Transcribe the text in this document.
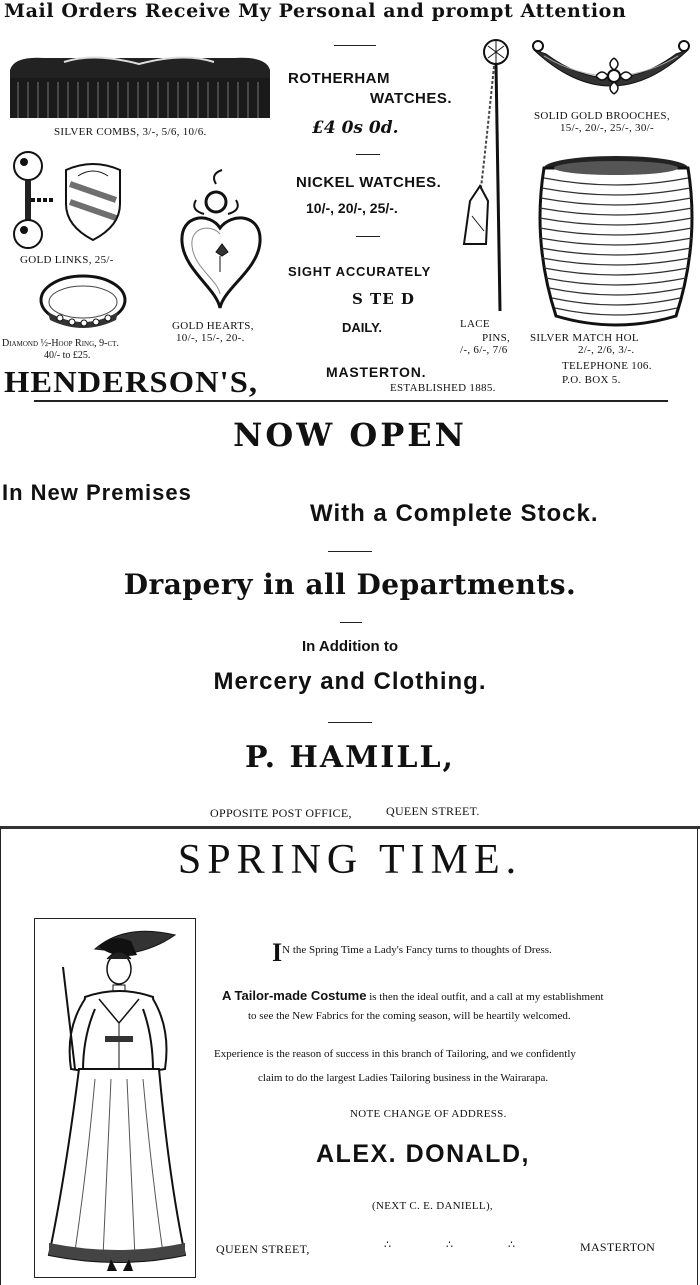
Mail Orders Receive My Personal and prompt Attention
SILVER COMBS, 3/-, 5/6, 10/6.
GOLD LINKS, 25/-
Diamond ½-Hoop Ring, 9-ct.
40/- to £25.
GOLD HEARTS,
10/-, 15/-, 20-.
ROTHERHAM
WATCHES.
£4 0s 0d.
NICKEL WATCHES.
10/-, 20/-, 25/-.
SIGHT ACCURATELY
S TE D
DAILY.	LACE
PINS,
/-, 6/-, 7/6
SOLID GOLD BROOCHES,
15/-, 20/-, 25/-, 30/-
SILVER MATCH HOL
2/-, 2/6, 3/-.
TELEPHONE 106.
P.O. BOX 5.
HENDERSON'S,	MASTERTON.
ESTABLISHED 1885.
NOW OPEN
In New Premises
With a Complete Stock.
Drapery in all Departments.
In Addition to
Mercery and Clothing.
P. HAMILL,
OPPOSITE POST OFFICE,	QUEEN STREET.
SPRING TIME.
IN the Spring Time a Lady's Fancy turns to thoughts of Dress.
A Tailor-made Costume is then the ideal outfit, and a call at my establishment
to see the New Fabrics for the coming season, will be heartily welcomed.
Experience is the reason of success in this branch of Tailoring, and we confidently
claim to do the largest Ladies Tailoring business in the Wairarapa.
NOTE CHANGE OF ADDRESS.
ALEX. DONALD,
(NEXT C. E. DANIELL),
QUEEN STREET,	∴	∴	∴	MASTERTON
